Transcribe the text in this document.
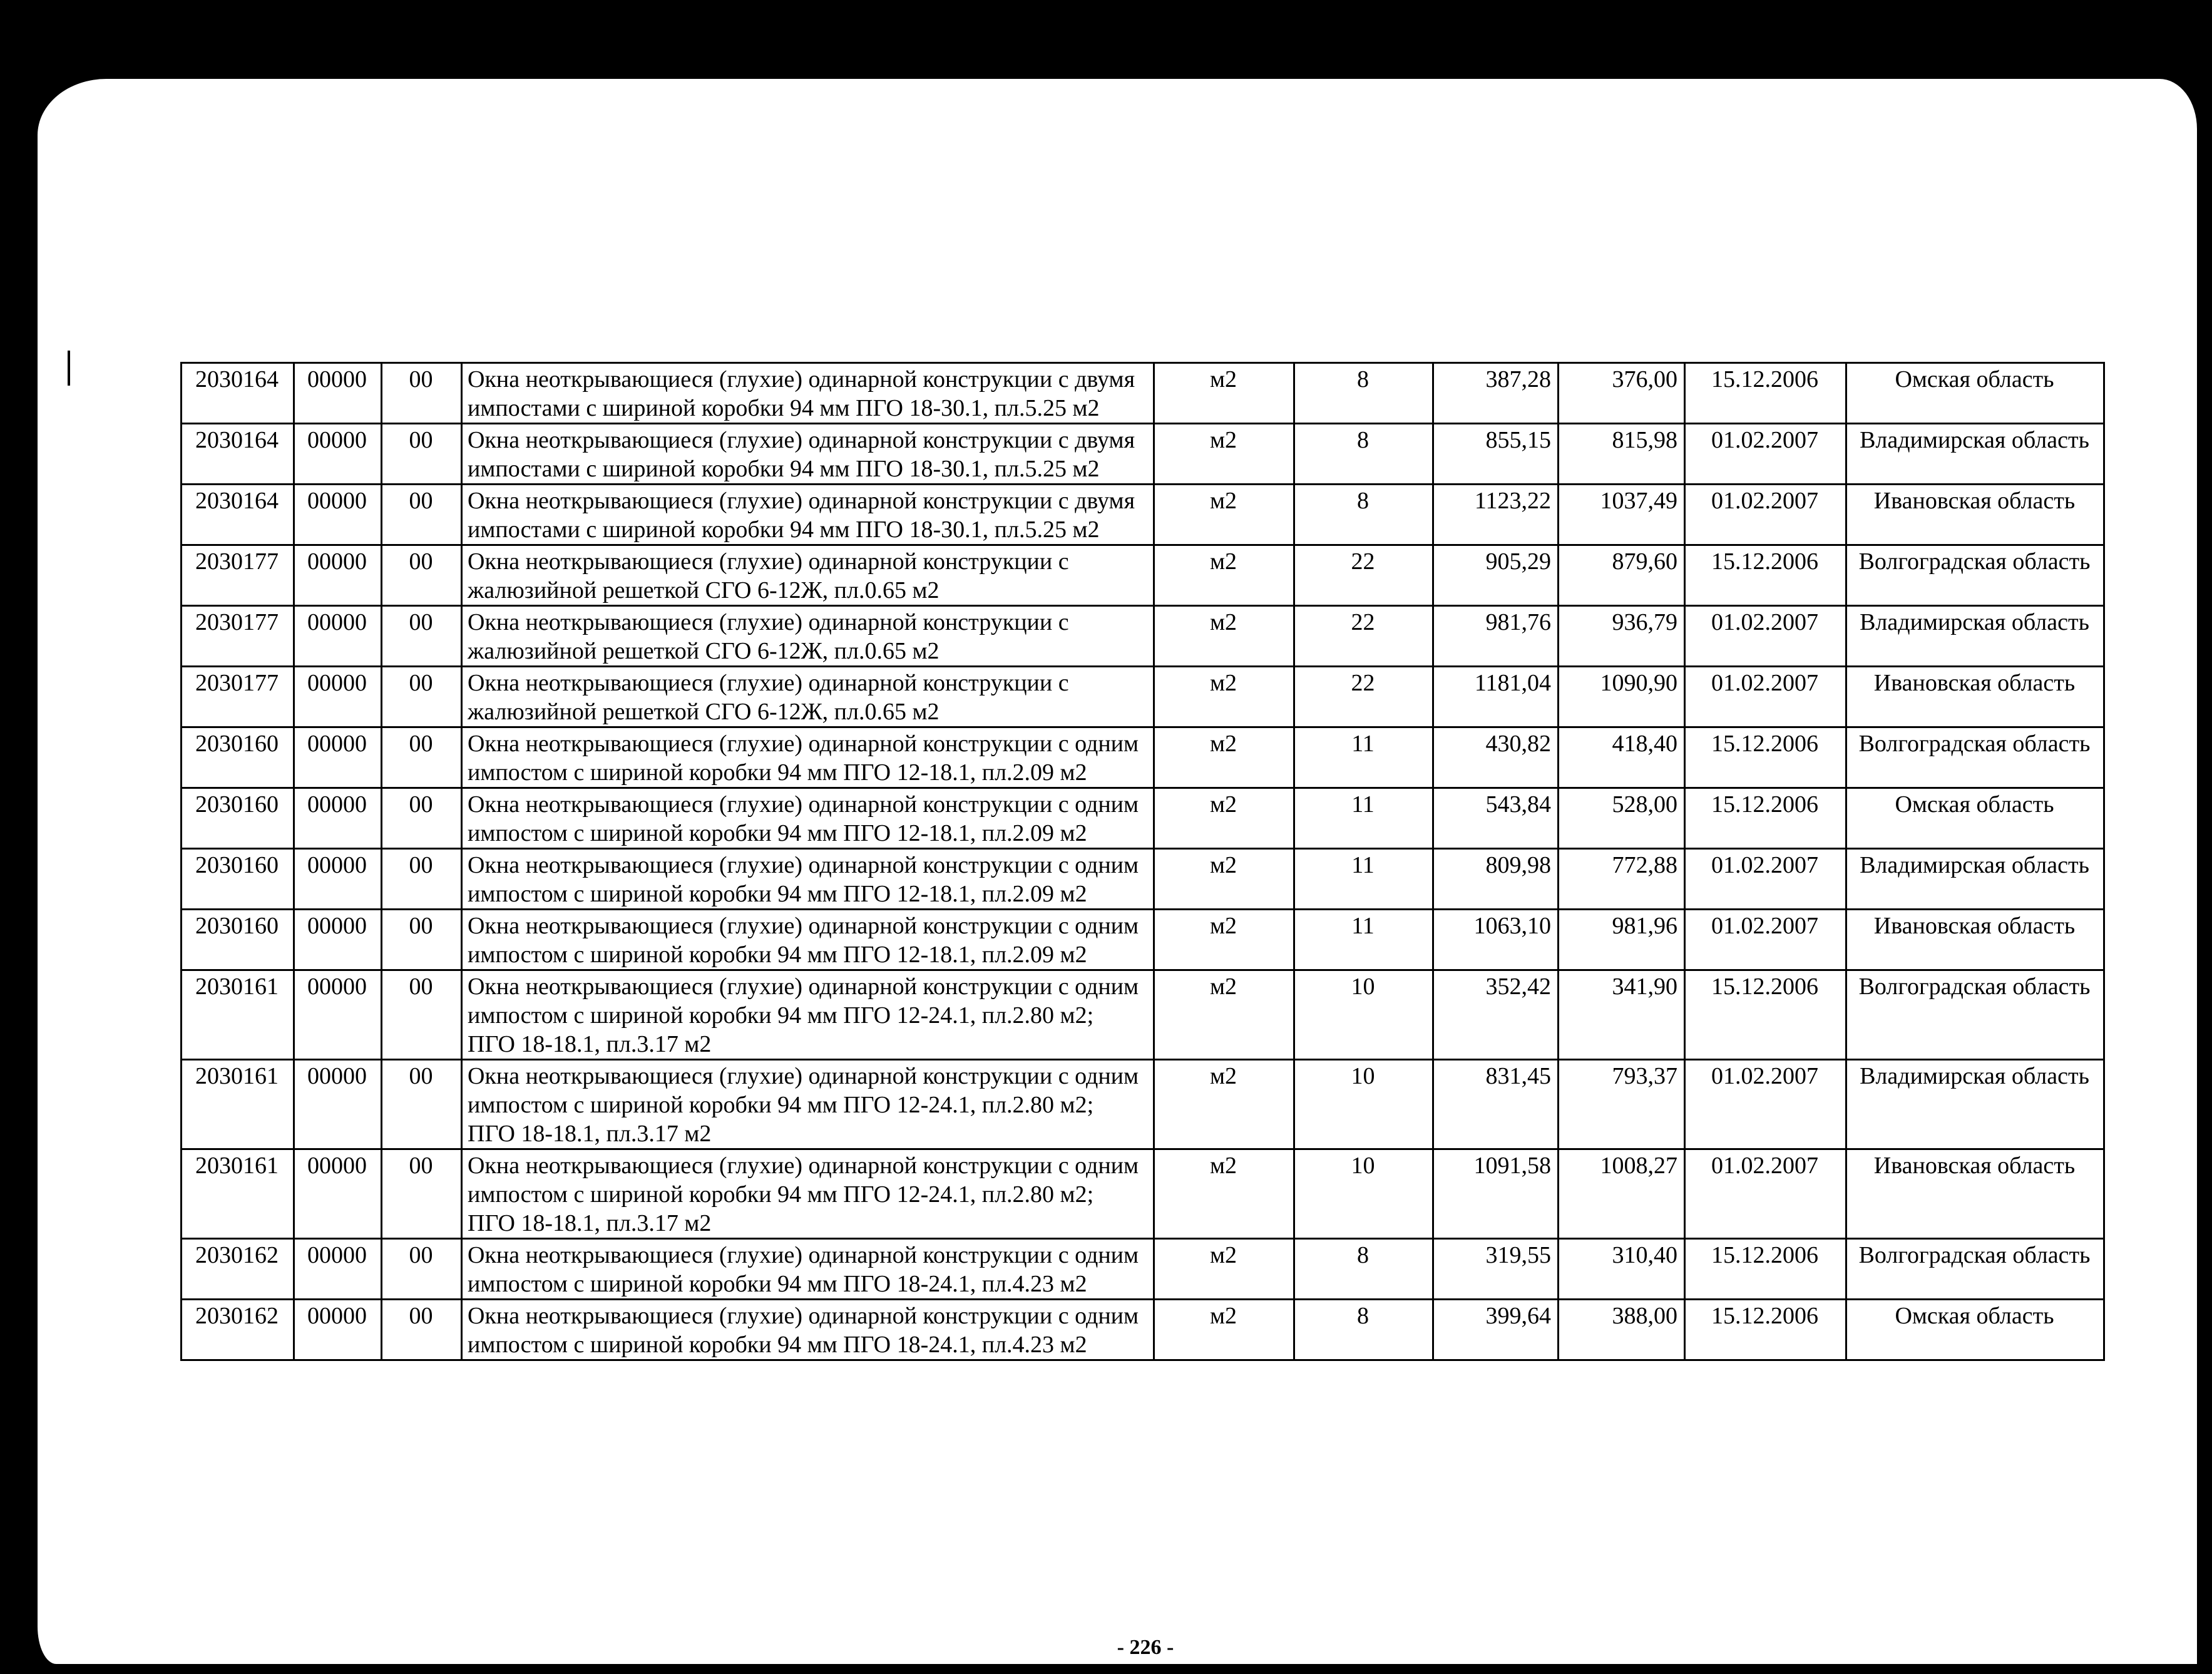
2030164	00000	00	Окна неоткрывающиеся (глухие) одинарной конструкции с двумя импостами с шириной коробки 94 мм ПГО 18-30.1, пл.5.25 м2	м2	8	387,28	376,00	15.12.2006	Омская область
2030164	00000	00	Окна неоткрывающиеся (глухие) одинарной конструкции с двумя импостами с шириной коробки 94 мм ПГО 18-30.1, пл.5.25 м2	м2	8	855,15	815,98	01.02.2007	Владимирская область
2030164	00000	00	Окна неоткрывающиеся (глухие) одинарной конструкции с двумя импостами с шириной коробки 94 мм ПГО 18-30.1, пл.5.25 м2	м2	8	1123,22	1037,49	01.02.2007	Ивановская область
2030177	00000	00	Окна неоткрывающиеся (глухие) одинарной конструкции с жалюзийной решеткой СГО 6-12Ж, пл.0.65 м2	м2	22	905,29	879,60	15.12.2006	Волгоградская область
2030177	00000	00	Окна неоткрывающиеся (глухие) одинарной конструкции с жалюзийной решеткой СГО 6-12Ж, пл.0.65 м2	м2	22	981,76	936,79	01.02.2007	Владимирская область
2030177	00000	00	Окна неоткрывающиеся (глухие) одинарной конструкции с жалюзийной решеткой СГО 6-12Ж, пл.0.65 м2	м2	22	1181,04	1090,90	01.02.2007	Ивановская область
2030160	00000	00	Окна неоткрывающиеся (глухие) одинарной конструкции с одним импостом с шириной коробки 94 мм ПГО 12-18.1, пл.2.09 м2	м2	11	430,82	418,40	15.12.2006	Волгоградская область
2030160	00000	00	Окна неоткрывающиеся (глухие) одинарной конструкции с одним импостом с шириной коробки 94 мм ПГО 12-18.1, пл.2.09 м2	м2	11	543,84	528,00	15.12.2006	Омская область
2030160	00000	00	Окна неоткрывающиеся (глухие) одинарной конструкции с одним импостом с шириной коробки 94 мм ПГО 12-18.1, пл.2.09 м2	м2	11	809,98	772,88	01.02.2007	Владимирская область
2030160	00000	00	Окна неоткрывающиеся (глухие) одинарной конструкции с одним импостом с шириной коробки 94 мм ПГО 12-18.1, пл.2.09 м2	м2	11	1063,10	981,96	01.02.2007	Ивановская область
2030161	00000	00	Окна неоткрывающиеся (глухие) одинарной конструкции с одним импостом с шириной коробки 94 мм ПГО 12-24.1, пл.2.80 м2; ПГО 18-18.1, пл.3.17 м2	м2	10	352,42	341,90	15.12.2006	Волгоградская область
2030161	00000	00	Окна неоткрывающиеся (глухие) одинарной конструкции с одним импостом с шириной коробки 94 мм ПГО 12-24.1, пл.2.80 м2; ПГО 18-18.1, пл.3.17 м2	м2	10	831,45	793,37	01.02.2007	Владимирская область
2030161	00000	00	Окна неоткрывающиеся (глухие) одинарной конструкции с одним импостом с шириной коробки 94 мм ПГО 12-24.1, пл.2.80 м2; ПГО 18-18.1, пл.3.17 м2	м2	10	1091,58	1008,27	01.02.2007	Ивановская область
2030162	00000	00	Окна неоткрывающиеся (глухие) одинарной конструкции с одним импостом с шириной коробки 94 мм ПГО 18-24.1, пл.4.23 м2	м2	8	319,55	310,40	15.12.2006	Волгоградская область
2030162	00000	00	Окна неоткрывающиеся (глухие) одинарной конструкции с одним импостом с шириной коробки 94 мм ПГО 18-24.1, пл.4.23 м2	м2	8	399,64	388,00	15.12.2006	Омская область
- 226 -
